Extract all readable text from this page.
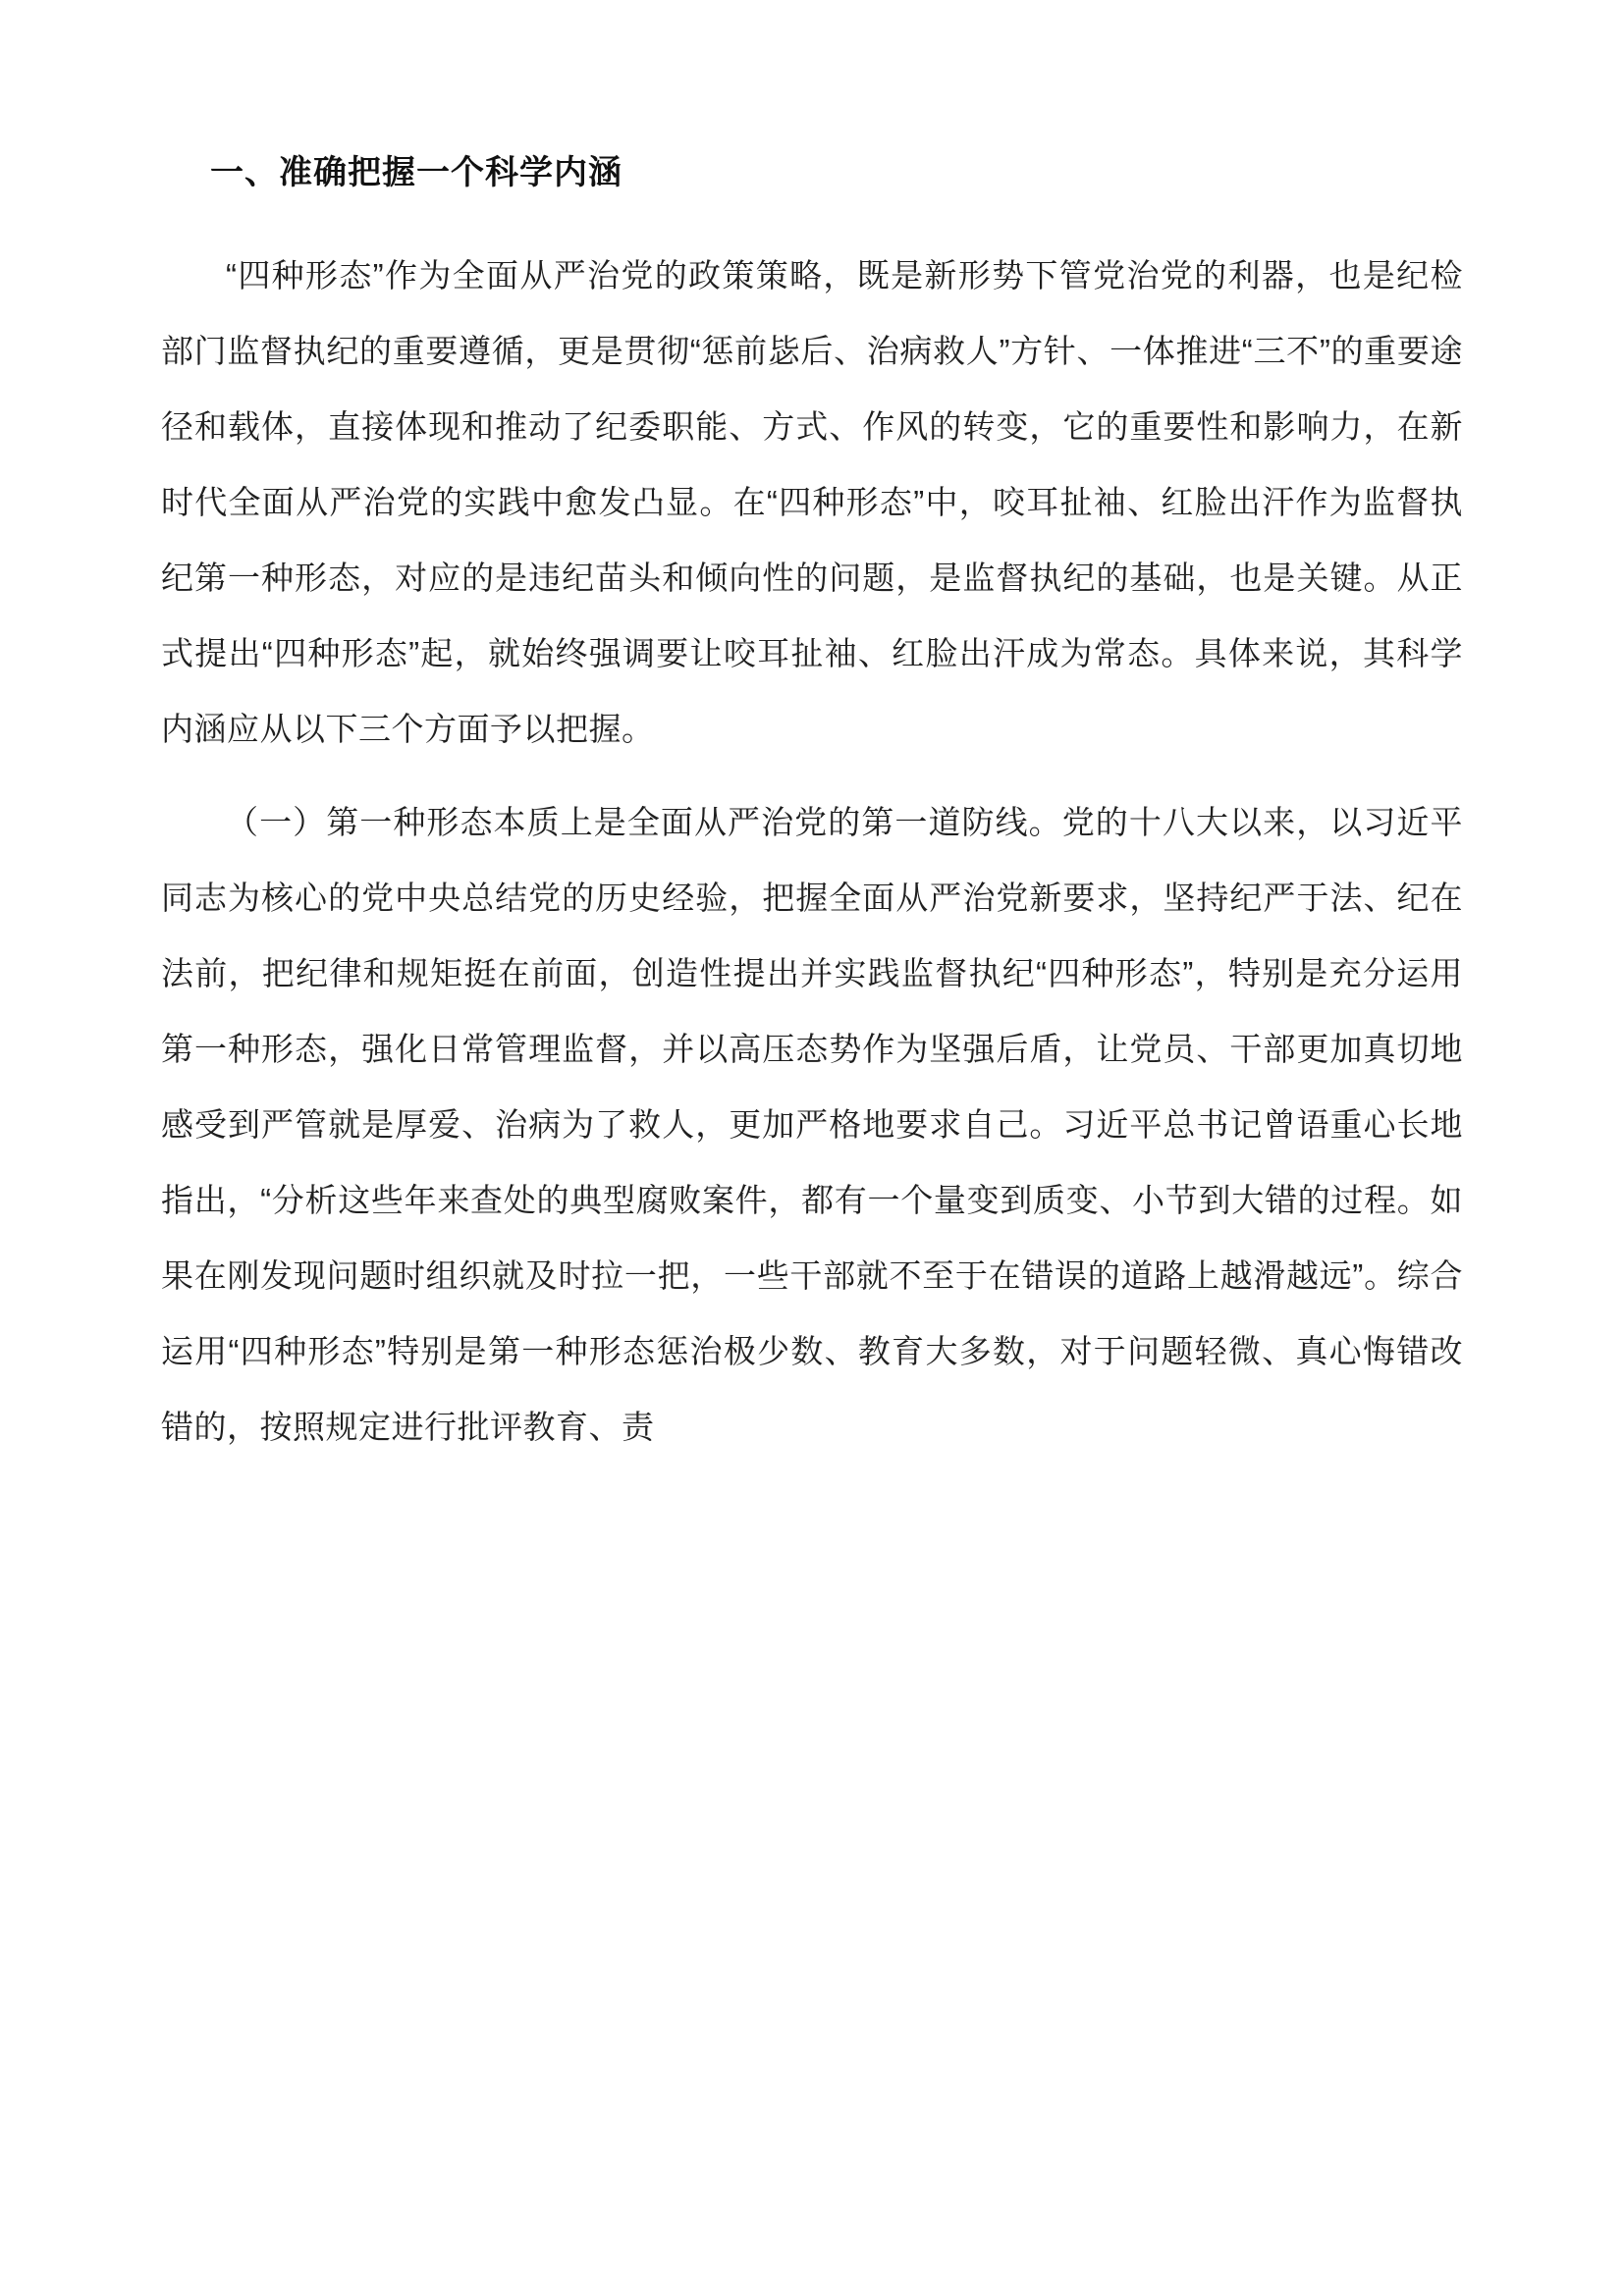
一、准确把握一个科学内涵

“四种形态”作为全面从严治党的政策策略，既是新形势下管党治党的利器，也是纪检部门监督执纪的重要遵循，更是贯彻“惩前毖后、治病救人”方针、一体推进“三不”的重要途径和载体，直接体现和推动了纪委职能、方式、作风的转变，它的重要性和影响力，在新时代全面从严治党的实践中愈发凸显。在“四种形态”中，咬耳扯袖、红脸出汗作为监督执纪第一种形态，对应的是违纪苗头和倾向性的问题，是监督执纪的基础，也是关键。从正式提出“四种形态”起，就始终强调要让咬耳扯袖、红脸出汗成为常态。具体来说，其科学内涵应从以下三个方面予以把握。

（一）第一种形态本质上是全面从严治党的第一道防线。党的十八大以来，以习近平同志为核心的党中央总结党的历史经验，把握全面从严治党新要求，坚持纪严于法、纪在法前，把纪律和规矩挺在前面，创造性提出并实践监督执纪“四种形态”，特别是充分运用第一种形态，强化日常管理监督，并以高压态势作为坚强后盾，让党员、干部更加真切地感受到严管就是厚爱、治病为了救人，更加严格地要求自己。习近平总书记曾语重心长地指出，“分析这些年来查处的典型腐败案件，都有一个量变到质变、小节到大错的过程。如果在刚发现问题时组织就及时拉一把，一些干部就不至于在错误的道路上越滑越远”。综合运用“四种形态”特别是第一种形态惩治极少数、教育大多数，对于问题轻微、真心悔错改错的，按照规定进行批评教育、责
